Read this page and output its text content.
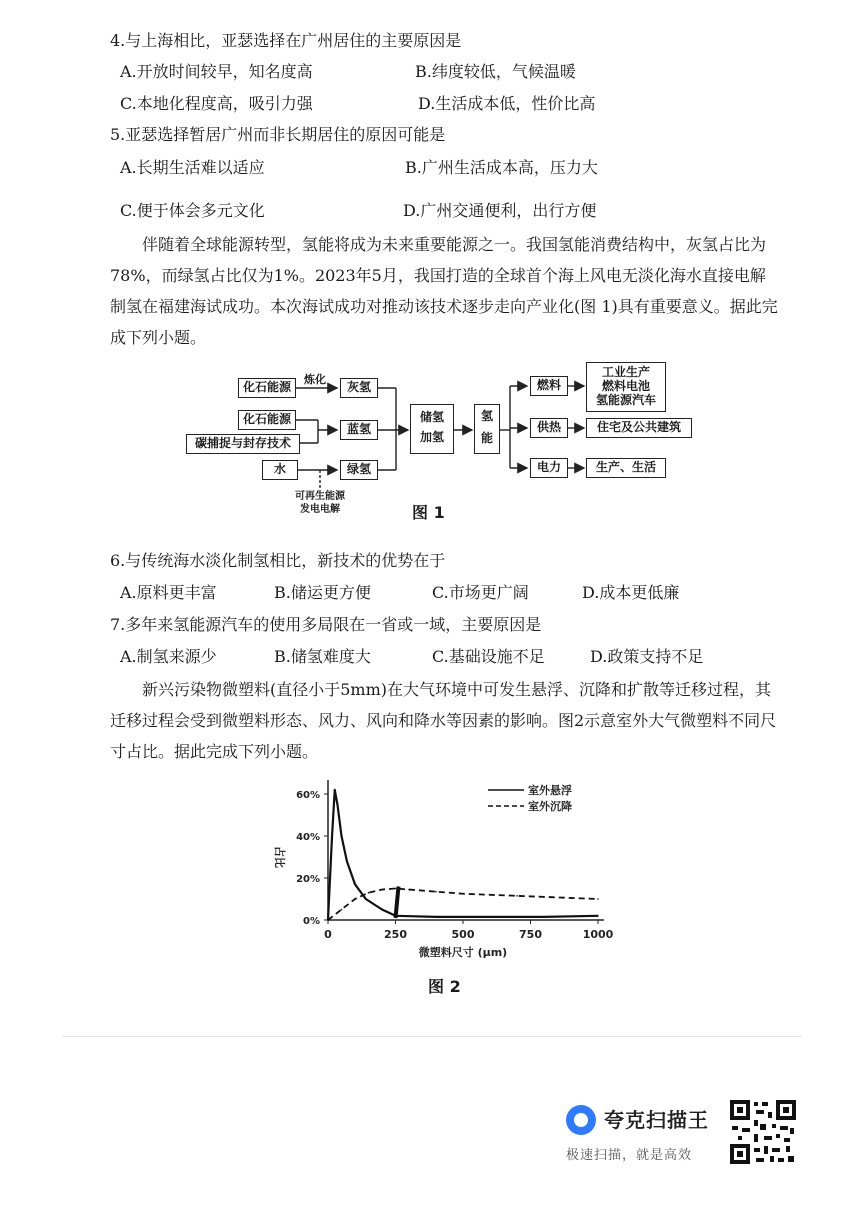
4.与上海相比，亚瑟选择在广州居住的主要原因是
A.开放时间较早，知名度高	B.纬度较低，气候温暖
C.本地化程度高，吸引力强	D.生活成本低，性价比高
5.亚瑟选择暂居广州而非长期居住的原因可能是
A.长期生活难以适应	B.广州生活成本高，压力大
C.便于体会多元文化	D.广州交通便利，出行方便
伴随着全球能源转型，氢能将成为未来重要能源之一。我国氢能消费结构中，灰氢占比为78%，而绿氢占比仅为1%。2023年5月，我国打造的全球首个海上风电无淡化海水直接电解制氢在福建海试成功。本次海试成功对推动该技术逐步走向产业化(图 1)具有重要意义。据此完成下列小题。
化石能源
炼化
灰氢
化石能源
碳捕捉与封存技术
蓝氢
水	绿氢
可再生能源
发电电解
储氢
加氢
氢
能
燃料
供热
电力
工业生产
燃料电池
氢能源汽车
住宅及公共建筑
生产、生活
图 1
6.与传统海水淡化制氢相比，新技术的优势在于
A.原料更丰富	B.储运更方便	C.市场更广阔	D.成本更低廉
7.多年来氢能源汽车的使用多局限在一省或一域，主要原因是
A.制氢来源少	B.储氢难度大	C.基础设施不足	D.政策支持不足
新兴污染物微塑料(直径小于5mm)在大气环境中可发生悬浮、沉降和扩散等迁移过程，其迁移过程会受到微塑料形态、风力、风向和降水等因素的影响。图2示意室外大气微塑料不同尺寸占比。据此完成下列小题。
0	250	500	750	1000
0%
20%
40%
60%
微塑料尺寸 (μm)
占比
室外悬浮
室外沉降
图 2
夸克扫描王
极速扫描，就是高效
